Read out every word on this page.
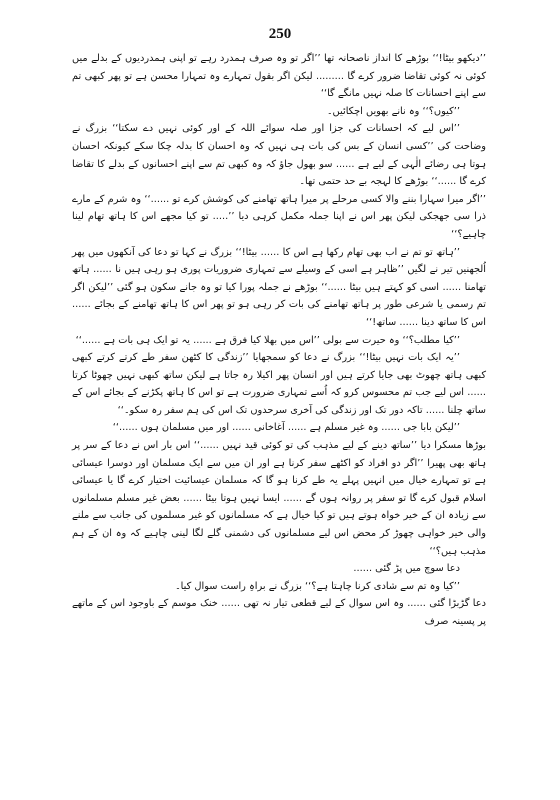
250

’’دیکھو بیٹا!‘‘ بوڑھے کا انداز ناصحانہ تھا ’’اگر تو وہ صرف ہمدرد رہے تو اپنی ہمدردیوں کے بدلے میں کوئی نہ کوئی تقاضا ضرور کرے گا ......... لیکن اگر بقول تمہارے وہ تمہارا محسن ہے تو پھر کبھی تم سے اپنے احسانات کا صلہ نہیں مانگے گا‘‘

’’کیوں؟‘‘ وہ نانے بھویں اچکائیں۔

’’اس لیے کہ احسانات کی جزا اور صلہ سوائے اللہ کے اور کوئی نہیں دے سکتا‘‘ بزرگ نے وضاحت کی ’’کسی انسان کے بس کی بات ہی نہیں کہ وہ احسان کا بدلہ چکا سکے کیونکہ احسان ہوتا ہی رضائے الٰہی کے لیے ہے ...... سو بھول جاؤ کہ وہ کبھی تم سے اپنے احسانوں کے بدلے کا تقاضا کرے گا ......‘‘ بوڑھے کا لہجہ بے حد حتمی تھا۔

’’اگر میرا سہارا بننے والا کسی مرحلے پر میرا ہاتھ تھامنے کی کوشش کرے تو ......‘‘ وہ شرم کے مارے ذرا سی جھجکی لیکن پھر اس نے اپنا جملہ مکمل کرہی دیا ’’..... تو کیا مجھے اس کا ہاتھ تھام لینا چاہیے؟‘‘

’’ہاتھ تو تم نے اب بھی تھام رکھا ہے اس کا ...... بیٹا!‘‘ بزرگ نے کہا تو دعا کی آنکھوں میں پھر اُلجھنیں تیر نے لگیں ’’ظاہر ہے اسی کے وسیلے سے تمہاری ضروریات پوری ہو رہی ہیں نا ...... ہاتھ تھامنا ...... اسی کو کہتے ہیں بیٹا ......‘‘ بوڑھے نے جملہ پورا کیا تو وہ جانے سکون ہو گئی ’’لیکن اگر تم رسمی یا شرعی طور پر ہاتھ تھامنے کی بات کر رہی ہو تو پھر اس کا ہاتھ تھامنے کے بجائے ...... اس کا ساتھ دینا ...... ساتھ!‘‘

’’کیا مطلب؟‘‘ وہ حیرت سے بولی ’’اس میں بھلا کیا فرق ہے ...... یہ تو ایک ہی بات ہے ......‘‘

’’یہ ایک بات نہیں بیٹا!‘‘ بزرگ نے دعا کو سمجھایا ’’زندگی کا کٹھن سفر طے کرتے کرتے کبھی کبھی ہاتھ چھوٹ بھی جایا کرتے ہیں اور انسان پھر اکیلا رہ جاتا ہے لیکن ساتھ کبھی نہیں چھوٹا کرتا ...... اس لیے جب تم محسوس کرو کہ اُسے تمہاری ضرورت ہے تو اس کا ہاتھ پکڑنے کے بجائے اس کے ساتھ چلنا ...... تاکہ دور تک اور زندگی کی آخری سرحدوں تک اس کی ہم سفر رہ سکو۔‘‘

’’لیکن بابا جی ...... وہ غیر مسلم ہے ...... آغاخانی ...... اور میں مسلمان ہوں ......‘‘

بوڑھا مسکرا دیا ’’ساتھ دینے کے لیے مذہب کی تو کوئی قید نہیں ......‘‘ اس بار اس نے دعا کے سر پر ہاتھ بھی پھیرا ’’اگر دو افراد کو اکٹھے سفر کرنا ہے اور ان میں سے ایک مسلمان اور دوسرا عیسائی ہے تو تمہارے خیال میں انہیں پہلے یہ طے کرنا ہو گا کہ مسلمان عیسائیت اختیار کرے گا یا عیسائی اسلام قبول کرے گا تو سفر پر روانہ ہوں گے ...... ایسا نہیں ہوتا بیٹا ...... بعض غیر مسلم مسلمانوں سے زیادہ ان کے خیر خواہ ہوتے ہیں تو کیا خیال ہے کہ مسلمانوں کو غیر مسلموں کی جانب سے ملنے والی خیر خواہی چھوڑ کر محض اس لیے مسلمانوں کی دشمنی گلے لگا لینی چاہیے کہ وہ ان کے ہم مذہب ہیں؟‘‘

دعا سوچ میں پڑ گئی ......

’’کیا وہ تم سے شادی کرنا چاہتا ہے؟‘‘ بزرگ نے براہِ راست سوال کیا۔

دعا گڑبڑا گئی ...... وہ اس سوال کے لیے قطعی تیار نہ تھی ...... خنک موسم کے باوجود اس کے ماتھے پر پسینہ صرف
